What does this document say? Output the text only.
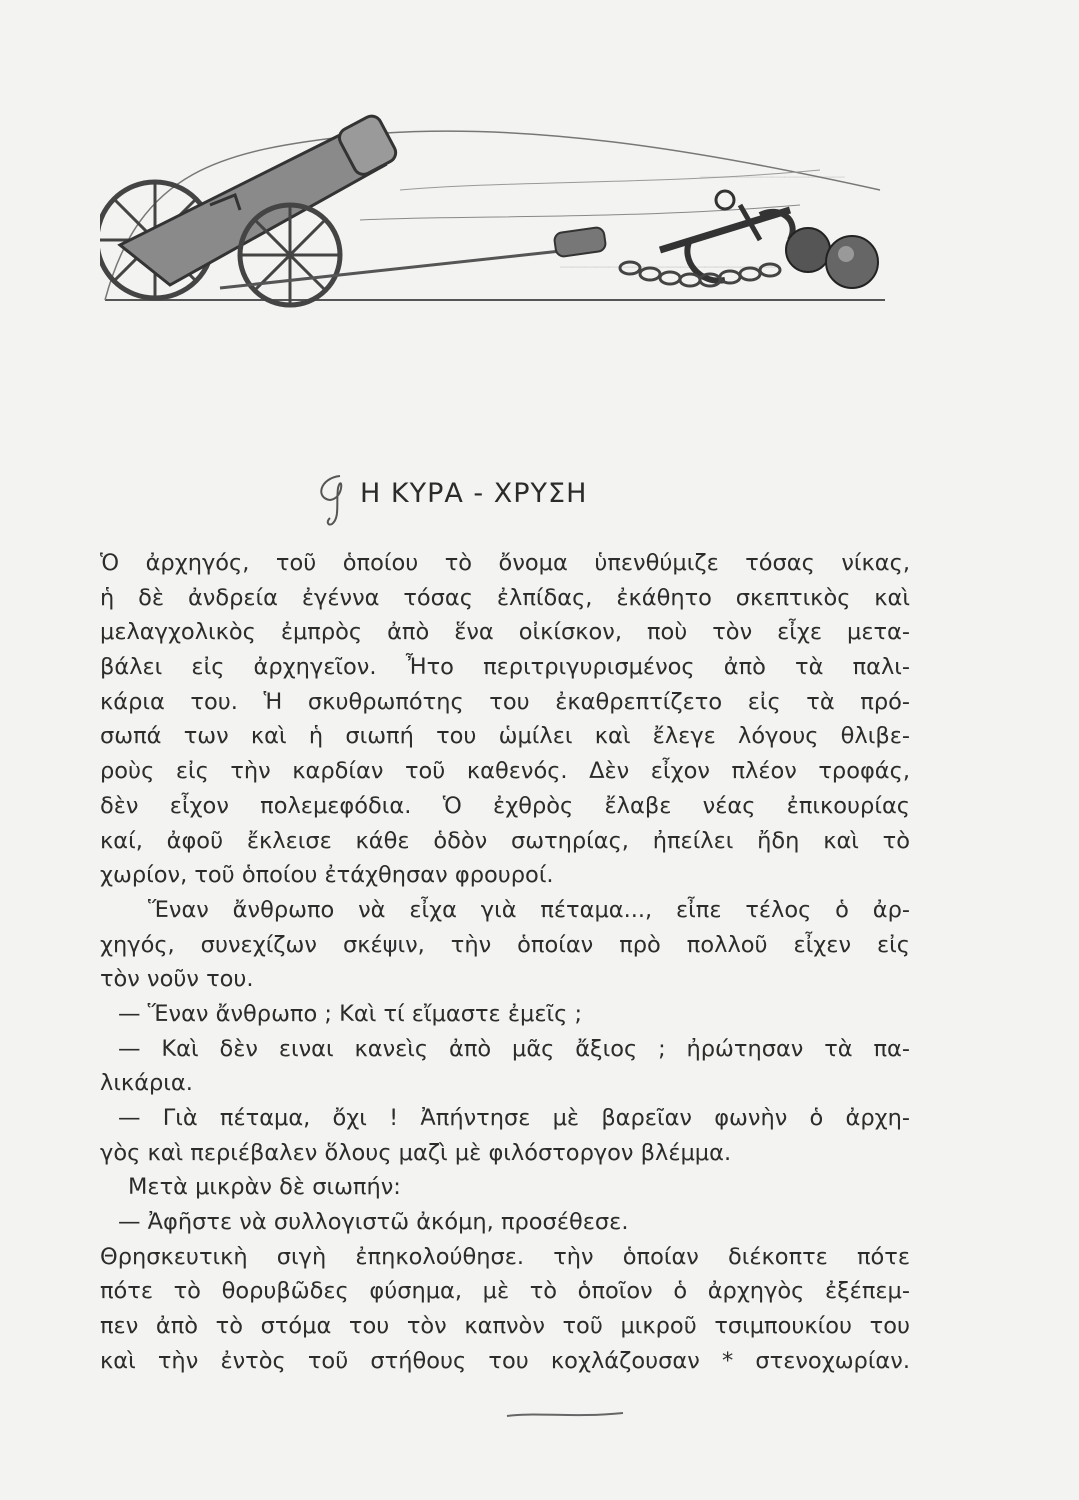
────────────
──────────────────
Η ΚΥΡΑ - ΧΡΥΣΗ
Ὁ ἀρχηγός, τοῦ ὁποίου τὸ ὄνομα ὑπενθύμιζε τόσας νίκας,
ἡ δὲ ἀνδρεία ἐγέννα τόσας ἐλπίδας, ἐκάθητο σκεπτικὸς καὶ
μελαγχολικὸς ἐμπρὸς ἀπὸ ἕνα οἰκίσκον, ποὺ τὸν εἶχε μετα-
βάλει εἰς ἀρχηγεῖον. Ἦτο περιτριγυρισμένος ἀπὸ τὰ παλι-
κάρια του. Ἡ σκυθρωπότης του ἐκαθρεπτίζετο εἰς τὰ πρό-
σωπά των καὶ ἡ σιωπή του ὡμίλει καὶ ἔλεγε λόγους θλιβε-
ροὺς εἰς τὴν καρδίαν τοῦ καθενός. Δὲν εἶχον πλέον τροφάς,
δὲν εἶχον πολεμεφόδια. Ὁ ἐχθρὸς ἔλαβε νέας ἐπικουρίας
καί, ἀφοῦ ἔκλεισε κάθε ὁδὸν σωτηρίας, ἠπείλει ἤδη καὶ τὸ
χωρίον, τοῦ ὁποίου ἐτάχθησαν φρουροί.
Ἕναν ἄνθρωπο νὰ εἶχα γιὰ πέταμα..., εἶπε τέλος ὁ ἀρ-
χηγός, συνεχίζων σκέψιν, τὴν ὁποίαν πρὸ πολλοῦ εἶχεν εἰς
τὸν νοῦν του.
— Ἕναν ἄνθρωπο ; Καὶ τί εἴμαστε ἐμεῖς ;
— Καὶ δὲν ειναι κανεὶς ἀπὸ μᾶς ἄξιος ; ἠρώτησαν τὰ πα-
λικάρια.
— Γιὰ πέταμα, ὄχι ! Ἀπήντησε μὲ βαρεῖαν φωνὴν ὁ ἀρχη-
γὸς καὶ περιέβαλεν ὅλους μαζὶ μὲ φιλόστοργον βλέμμα.
Μετὰ μικρὰν δὲ σιωπήν:
— Ἀφῆστε νὰ συλλογιστῶ ἀκόμη, προσέθεσε.
Θρησκευτικὴ σιγὴ ἐπηκολούθησε. τὴν ὁποίαν διέκοπτε πότε
πότε τὸ θορυβῶδες φύσημα, μὲ τὸ ὁποῖον ὁ ἀρχηγὸς ἐξέπεμ-
πεν ἀπὸ τὸ στόμα του τὸν καπνὸν τοῦ μικροῦ τσιμπουκίου του
καὶ τὴν ἐντὸς τοῦ στήθους του κοχλάζουσαν * στενοχωρίαν.
